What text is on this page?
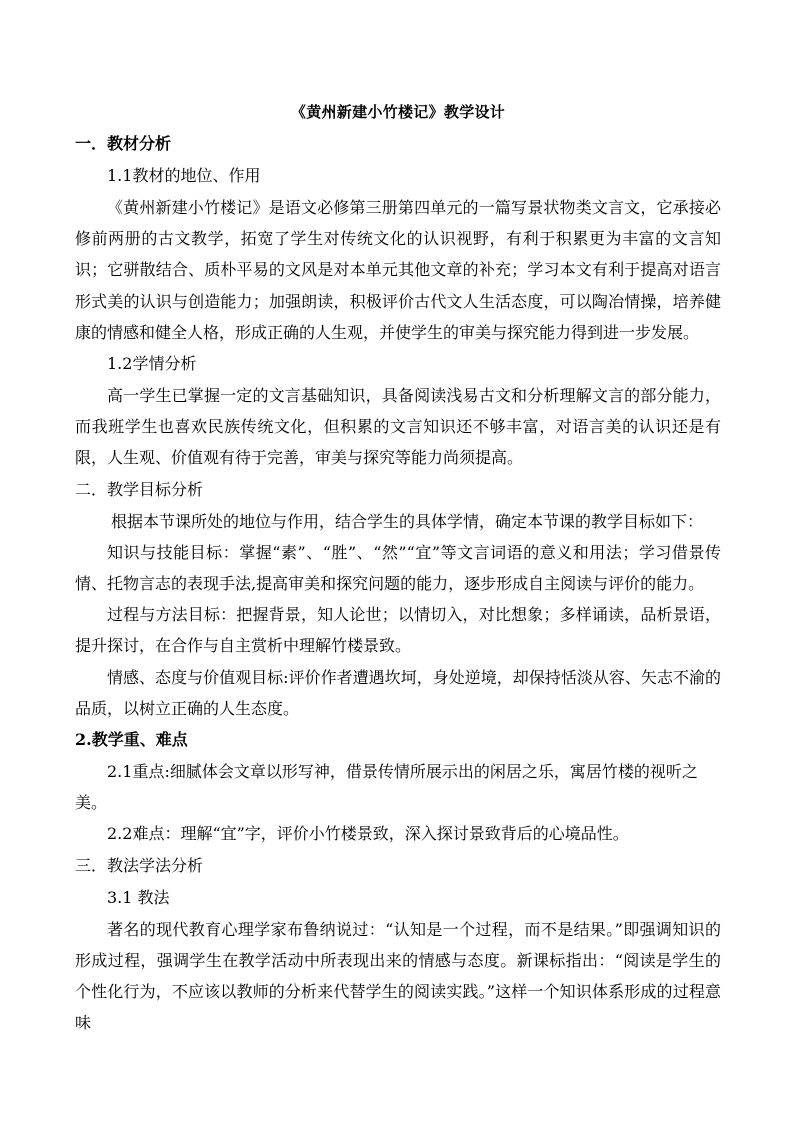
《黄州新建小竹楼记》教学设计
一．教材分析
1.1教材的地位、作用

《黄州新建小竹楼记》是语文必修第三册第四单元的一篇写景状物类文言文，它承接必修前两册的古文教学，拓宽了学生对传统文化的认识视野，有利于积累更为丰富的文言知识；它骈散结合、质朴平易的文风是对本单元其他文章的补充；学习本文有利于提高对语言形式美的认识与创造能力；加强朗读，积极评价古代文人生活态度，可以陶冶情操，培养健康的情感和健全人格，形成正确的人生观，并使学生的审美与探究能力得到进一步发展。

1.2学情分析

高一学生已掌握一定的文言基础知识，具备阅读浅易古文和分析理解文言的部分能力，而我班学生也喜欢民族传统文化，但积累的文言知识还不够丰富，对语言美的认识还是有限，人生观、价值观有待于完善，审美与探究等能力尚须提高。

二．教学目标分析

根据本节课所处的地位与作用，结合学生的具体学情，确定本节课的教学目标如下：

知识与技能目标：掌握“素”、“胜”、“然”“宜”等文言词语的意义和用法；学习借景传情、托物言志的表现手法,提高审美和探究问题的能力，逐步形成自主阅读与评价的能力。

过程与方法目标：把握背景，知人论世；以情切入，对比想象；多样诵读，品析景语，提升探讨，在合作与自主赏析中理解竹楼景致。

情感、态度与价值观目标:评价作者遭遇坎坷，身处逆境，却保持恬淡从容、矢志不渝的品质，以树立正确的人生态度。

2.教学重、难点

2.1重点:细腻体会文章以形写神，借景传情所展示出的闲居之乐，寓居竹楼的视听之美。

2.2难点：理解“宜”字，评价小竹楼景致，深入探讨景致背后的心境品性。

三．教法学法分析
3.1 教法

著名的现代教育心理学家布鲁纳说过：“认知是一个过程，而不是结果。”即强调知识的形成过程，强调学生在教学活动中所表现出来的情感与态度。新课标指出：“阅读是学生的个性化行为，不应该以教师的分析来代替学生的阅读实践。”这样一个知识体系形成的过程意味
